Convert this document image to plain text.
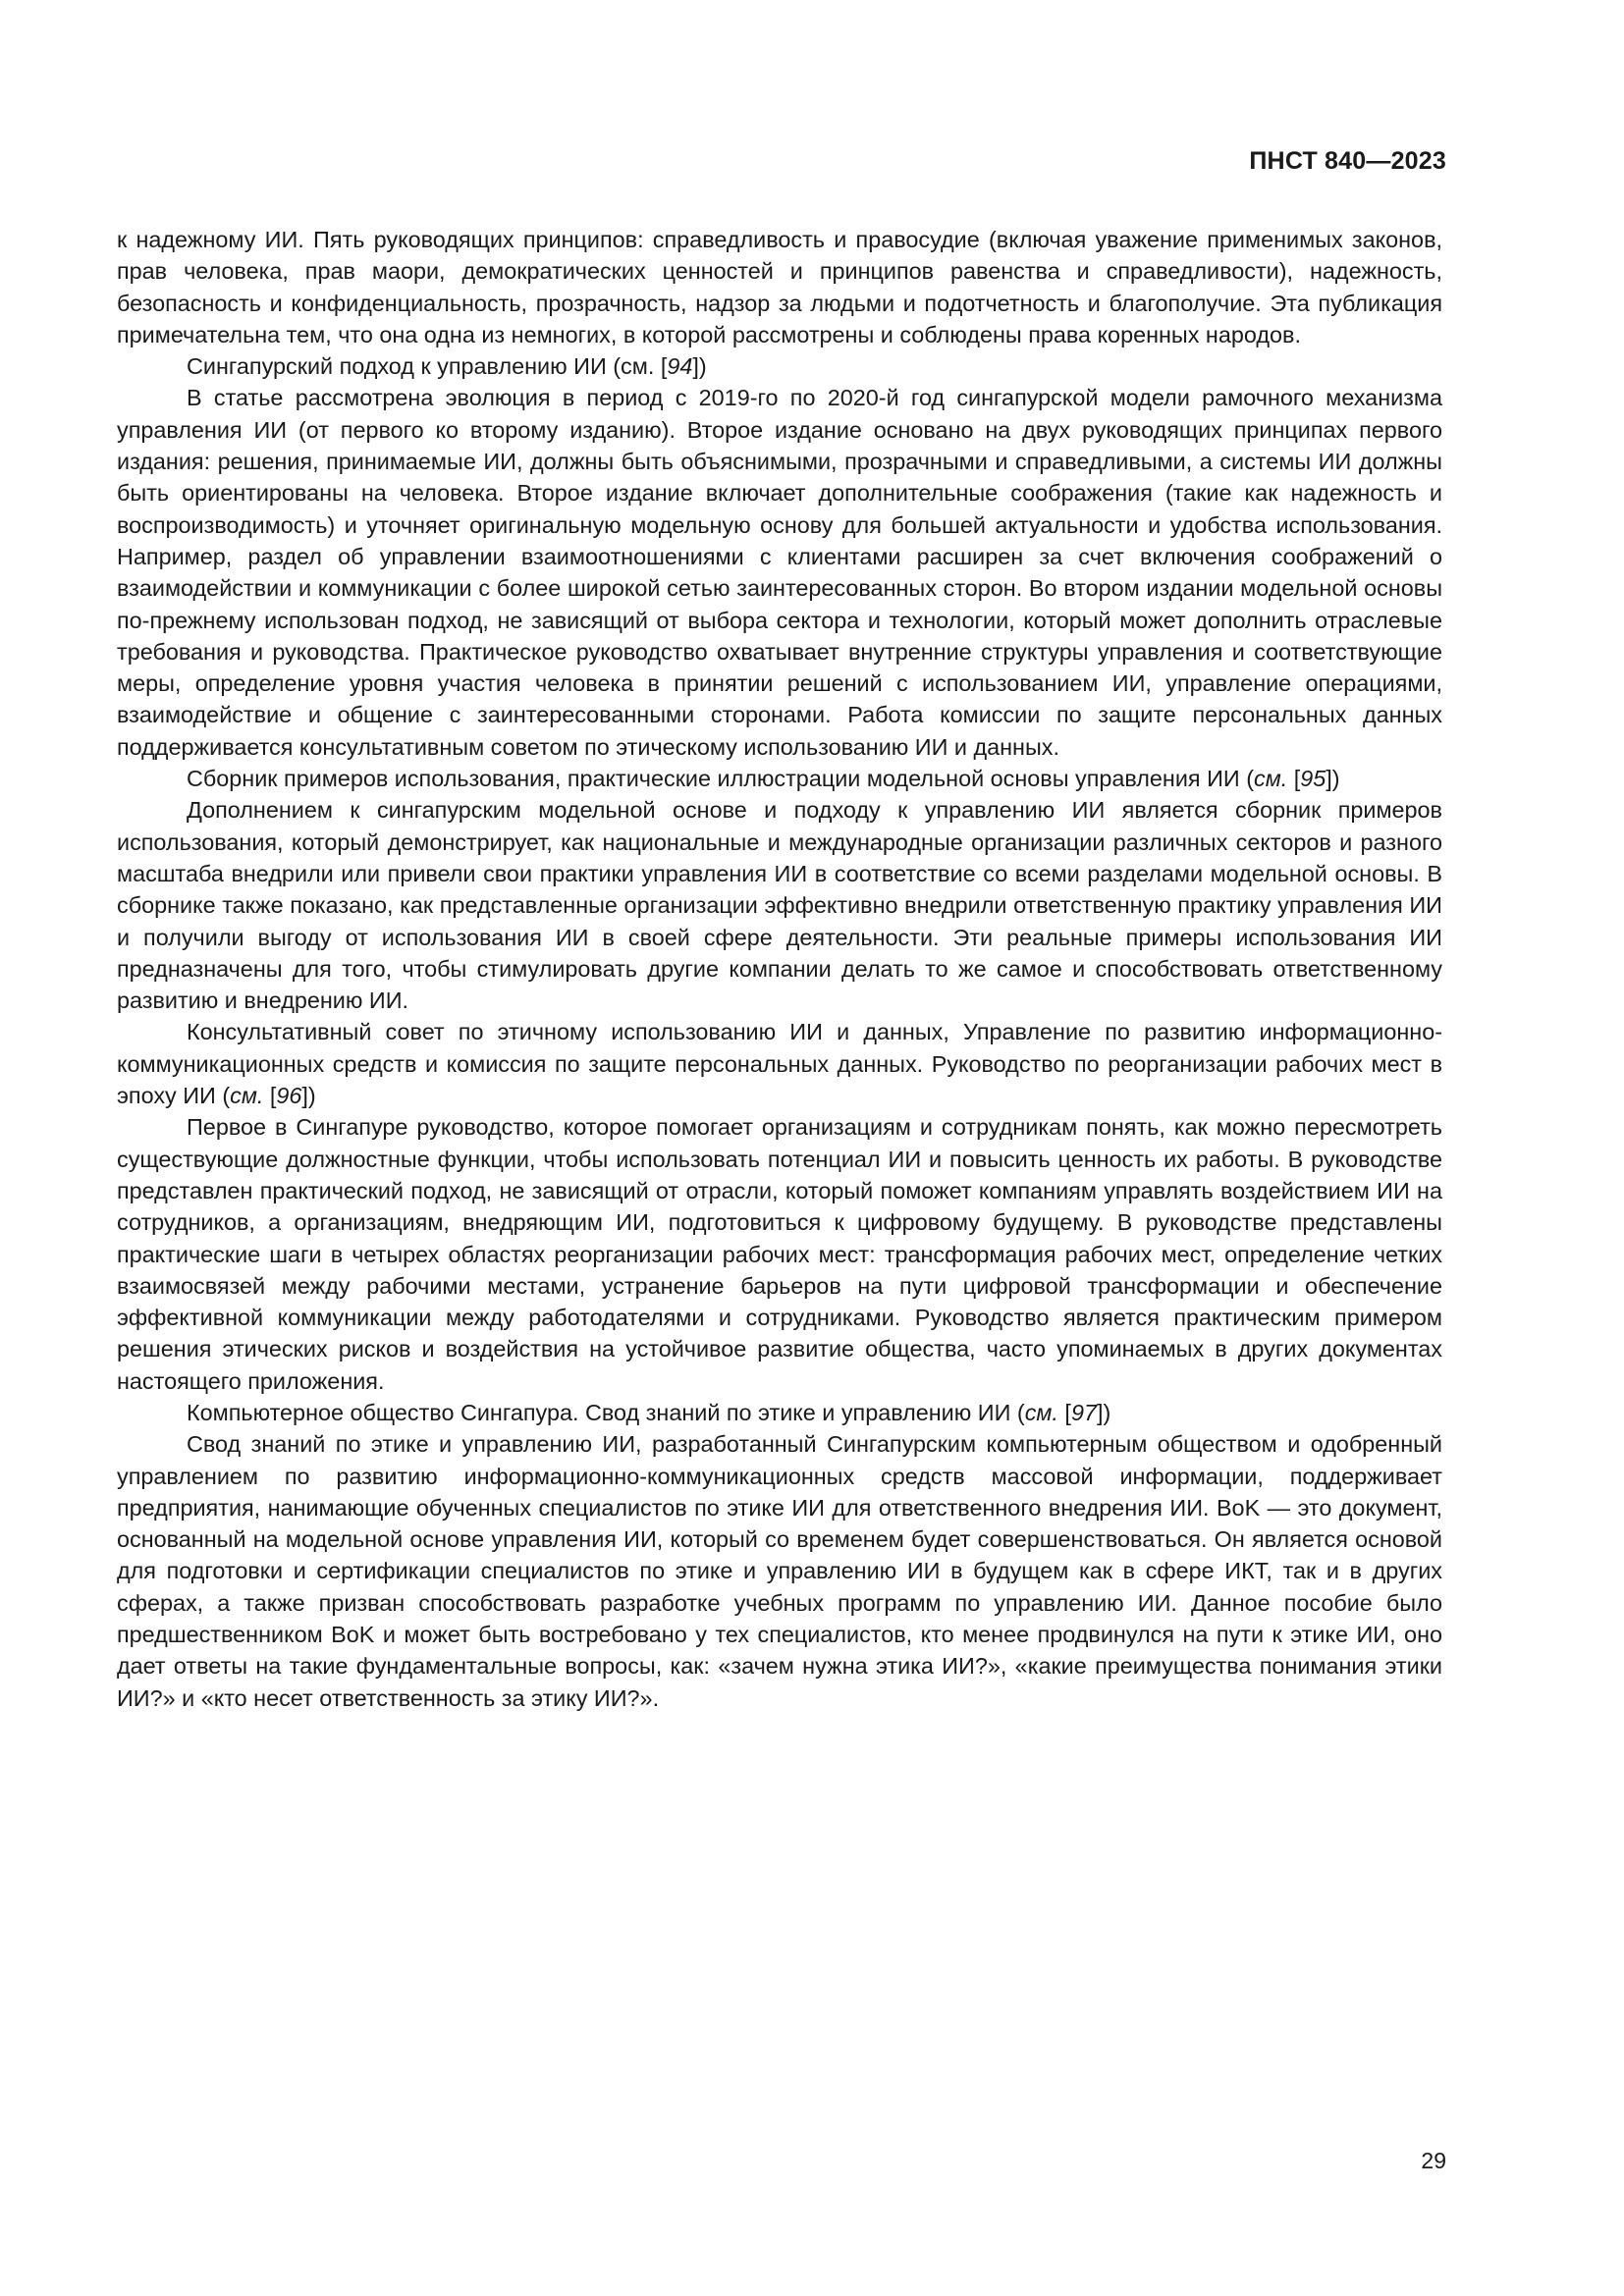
ПНСТ 840—2023

к надежному ИИ. Пять руководящих принципов: справедливость и правосудие (включая уважение применимых законов, прав человека, прав маори, демократических ценностей и принципов равенства и справедливости), надежность, безопасность и конфиденциальность, прозрачность, надзор за людьми и подотчетность и благополучие. Эта публикация примечательна тем, что она одна из немногих, в которой рассмотрены и соблюдены права коренных народов.

Сингапурский подход к управлению ИИ (см. [94])

В статье рассмотрена эволюция в период с 2019-го по 2020-й год сингапурской модели рамочного механизма управления ИИ (от первого ко второму изданию). Второе издание основано на двух руководящих принципах первого издания: решения, принимаемые ИИ, должны быть объяснимыми, прозрачными и справедливыми, а системы ИИ должны быть ориентированы на человека. Второе издание включает дополнительные соображения (такие как надежность и воспроизводимость) и уточняет оригинальную модельную основу для большей актуальности и удобства использования. Например, раздел об управлении взаимоотношениями с клиентами расширен за счет включения соображений о взаимодействии и коммуникации с более широкой сетью заинтересованных сторон. Во втором издании модельной основы по-прежнему использован подход, не зависящий от выбора сектора и технологии, который может дополнить отраслевые требования и руководства. Практическое руководство охватывает внутренние структуры управления и соответствующие меры, определение уровня участия человека в принятии решений с использованием ИИ, управление операциями, взаимодействие и общение с заинтересованными сторонами. Работа комиссии по защите персональных данных поддерживается консультативным советом по этическому использованию ИИ и данных.

Сборник примеров использования, практические иллюстрации модельной основы управления ИИ (см. [95])

Дополнением к сингапурским модельной основе и подходу к управлению ИИ является сборник примеров использования, который демонстрирует, как национальные и международные организации различных секторов и разного масштаба внедрили или привели свои практики управления ИИ в соответствие со всеми разделами модельной основы. В сборнике также показано, как представленные организации эффективно внедрили ответственную практику управления ИИ и получили выгоду от использования ИИ в своей сфере деятельности. Эти реальные примеры использования ИИ предназначены для того, чтобы стимулировать другие компании делать то же самое и способствовать ответственному развитию и внедрению ИИ.

Консультативный совет по этичному использованию ИИ и данных, Управление по развитию информационно-коммуникационных средств и комиссия по защите персональных данных. Руководство по реорганизации рабочих мест в эпоху ИИ (см. [96])

Первое в Сингапуре руководство, которое помогает организациям и сотрудникам понять, как можно пересмотреть существующие должностные функции, чтобы использовать потенциал ИИ и повысить ценность их работы. В руководстве представлен практический подход, не зависящий от отрасли, который поможет компаниям управлять воздействием ИИ на сотрудников, а организациям, внедряющим ИИ, подготовиться к цифровому будущему. В руководстве представлены практические шаги в четырех областях реорганизации рабочих мест: трансформация рабочих мест, определение четких взаимосвязей между рабочими местами, устранение барьеров на пути цифровой трансформации и обеспечение эффективной коммуникации между работодателями и сотрудниками. Руководство является практическим примером решения этических рисков и воздействия на устойчивое развитие общества, часто упоминаемых в других документах настоящего приложения.

Компьютерное общество Сингапура. Свод знаний по этике и управлению ИИ (см. [97])

Свод знаний по этике и управлению ИИ, разработанный Сингапурским компьютерным обществом и одобренный управлением по развитию информационно-коммуникационных средств массовой информации, поддерживает предприятия, нанимающие обученных специалистов по этике ИИ для ответственного внедрения ИИ. BoK — это документ, основанный на модельной основе управления ИИ, который со временем будет совершенствоваться. Он является основой для подготовки и сертификации специалистов по этике и управлению ИИ в будущем как в сфере ИКТ, так и в других сферах, а также призван способствовать разработке учебных программ по управлению ИИ. Данное пособие было предшественником BoK и может быть востребовано у тех специалистов, кто менее продвинулся на пути к этике ИИ, оно дает ответы на такие фундаментальные вопросы, как: «зачем нужна этика ИИ?», «какие преимущества понимания этики ИИ?» и «кто несет ответственность за этику ИИ?».

29
